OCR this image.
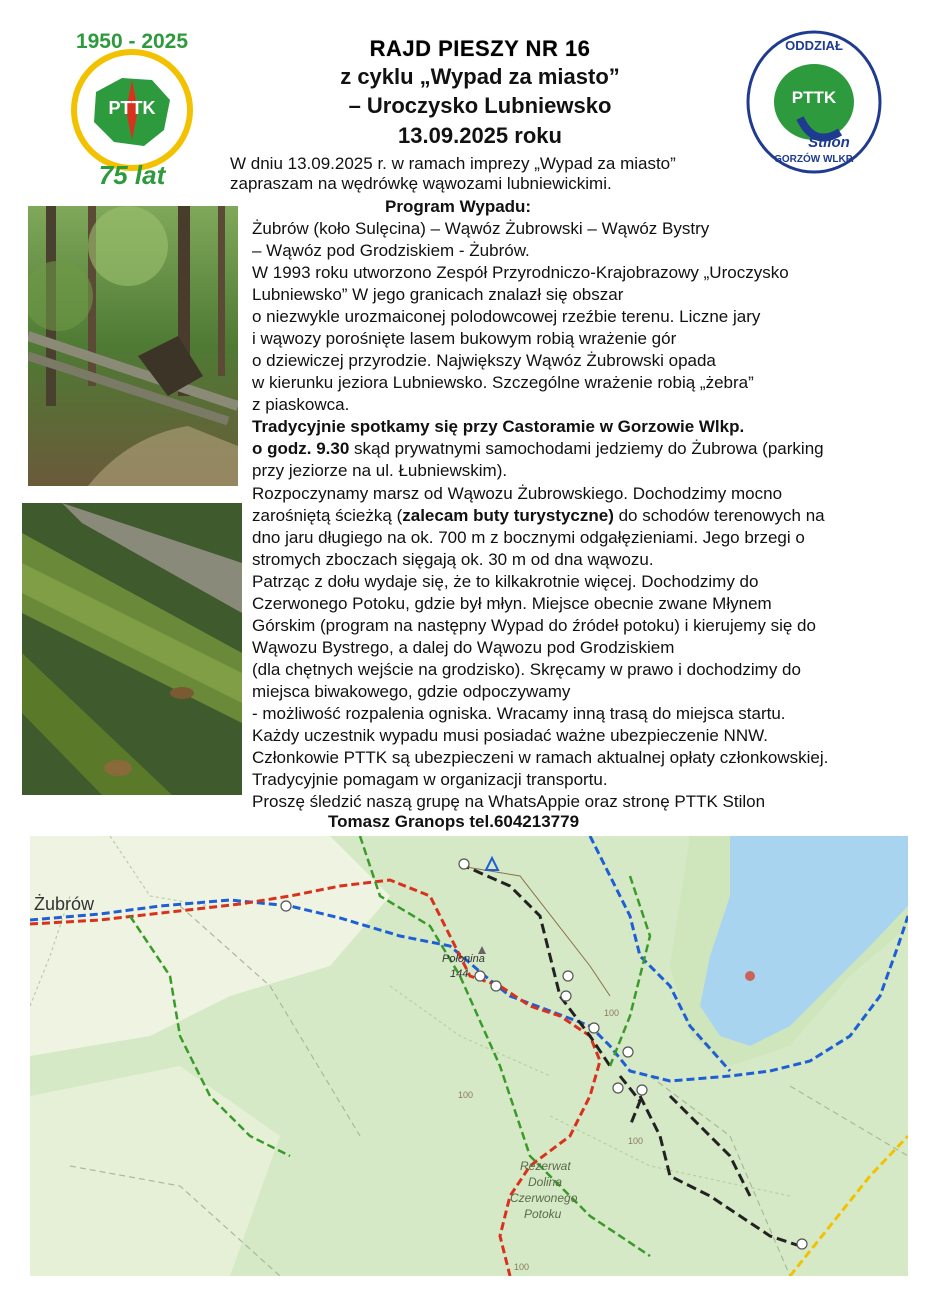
N
1950 - 2025
PTTK
75 lat
ODDZIAŁ
PTTK
Stilon
GORZÓW WLKP.
RAJD PIESZY NR 16
z cyklu „Wypad za miasto”
– Uroczysko Lubniewsko
13.09.2025 roku
W dniu 13.09.2025 r. w ramach imprezy „Wypad za miasto”
zapraszam na wędrówkę wąwozami lubniewickimi.
Program Wypadu:
Żubrów (koło Sulęcina) – Wąwóz Żubrowski – Wąwóz Bystry
– Wąwóz pod Grodziskiem - Żubrów.
W 1993 roku utworzono Zespół Przyrodniczo-Krajobrazowy „Uroczysko
Lubniewsko” W jego granicach znalazł się obszar
o niezwykle urozmaiconej polodowcowej rzeźbie terenu. Liczne jary
i wąwozy porośnięte lasem bukowym robią wrażenie gór
o dziewiczej przyrodzie. Największy Wąwóz Żubrowski opada
w kierunku jeziora Lubniewsko. Szczególne wrażenie robią „żebra”
z piaskowca.
Tradycyjnie spotkamy się przy Castoramie w Gorzowie Wlkp.
o godz. 9.30 skąd prywatnymi samochodami jedziemy do Żubrowa (parking
przy jeziorze na ul. Łubniewskim).
Rozpoczynamy marsz od Wąwozu Żubrowskiego. Dochodzimy mocno
zarośniętą ścieżką (zalecam buty turystyczne) do schodów terenowych na
dno jaru długiego na ok. 700 m z bocznymi odgałęzieniami. Jego brzegi o
stromych zboczach sięgają ok. 30 m od dna wąwozu.
Patrząc z dołu wydaje się, że to kilkakrotnie więcej. Dochodzimy do
Czerwonego Potoku, gdzie był młyn. Miejsce obecnie zwane Młynem
Górskim (program na następny Wypad do źródeł potoku) i kierujemy się do
Wąwozu Bystrego, a dalej do Wąwozu pod Grodziskiem
(dla chętnych wejście na grodzisko). Skręcamy w prawo i dochodzimy do
miejsca biwakowego, gdzie odpoczywamy
- możliwość rozpalenia ogniska. Wracamy inną trasą do miejsca startu.
Każdy uczestnik wypadu musi posiadać ważne ubezpieczenie NNW.
Członkowie PTTK są ubezpieczeni w ramach aktualnej opłaty członkowskiej.
Tradycyjnie pomagam w organizacji transportu.
Proszę śledzić naszą grupę na WhatsAppie oraz stronę PTTK Stilon
Tomasz Granops tel.604213779
Żubrów
Połonina
144
Rezerwat
Dolina
Czerwonego
Potoku
100
100
100
100
